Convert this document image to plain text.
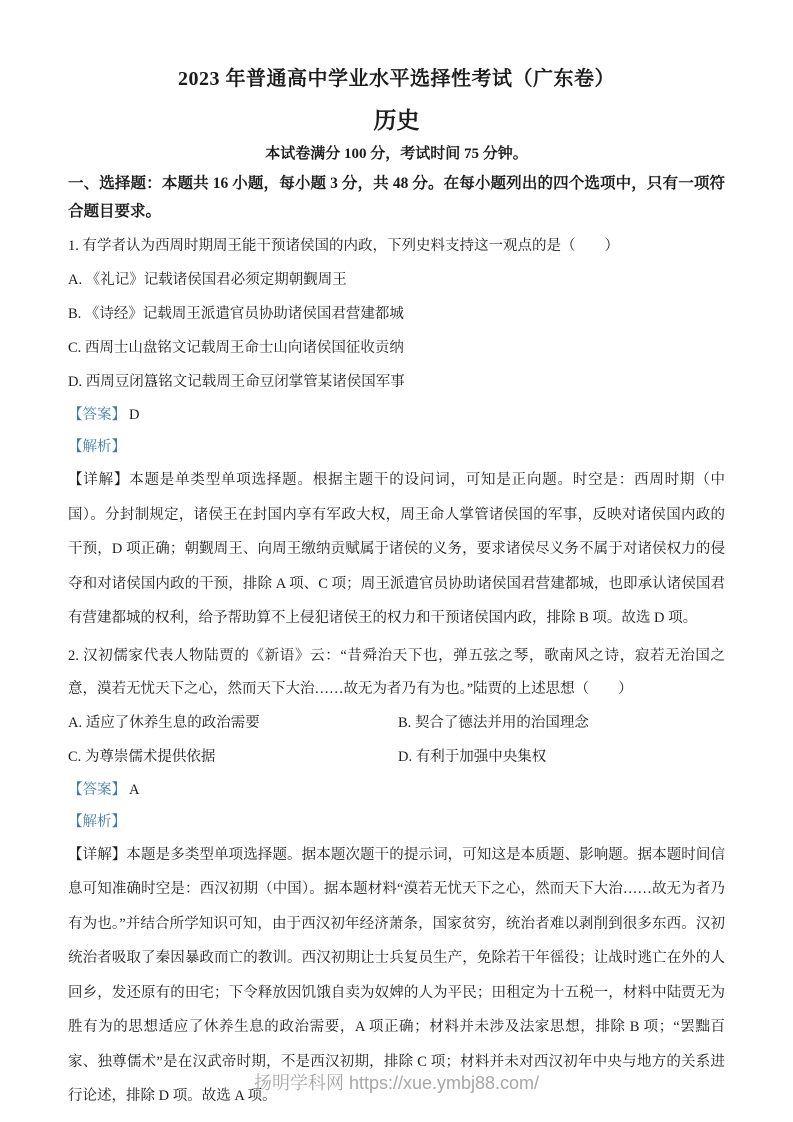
2023 年普通高中学业水平选择性考试（广东卷）
历史

本试卷满分 100 分，考试时间 75 分钟。

一、选择题：本题共 16 小题，每小题 3 分，共 48 分。在每小题列出的四个选项中，只有一项符合题目要求。

1. 有学者认为西周时期周王能干预诸侯国的内政，下列史料支持这一观点的是（　　）

A. 《礼记》记载诸侯国君必须定期朝觐周王

B. 《诗经》记载周王派遣官员协助诸侯国君营建都城

C. 西周士山盘铭文记载周王命士山向诸侯国征收贡纳

D. 西周豆闭簋铭文记载周王命豆闭掌管某诸侯国军事

【答案】 D

【解析】

【详解】本题是单类型单项选择题。根据主题干的设问词，可知是正向题。时空是：西周时期（中国）。分封制规定，诸侯王在封国内享有军政大权，周王命人掌管诸侯国的军事，反映对诸侯国内政的干预，D 项正确；朝觐周王、向周王缴纳贡赋属于诸侯的义务，要求诸侯尽义务不属于对诸侯权力的侵夺和对诸侯国内政的干预，排除 A 项、C 项；周王派遣官员协助诸侯国君营建都城，也即承认诸侯国君有营建都城的权利，给予帮助算不上侵犯诸侯王的权力和干预诸侯国内政，排除 B 项。故选 D 项。

2. 汉初儒家代表人物陆贾的《新语》云：“昔舜治天下也，弹五弦之琴，歌南风之诗，寂若无治国之意，漠若无忧天下之心，然而天下大治……故无为者乃有为也。”陆贾的上述思想（　　）

A. 适应了休养生息的政治需要	B. 契合了德法并用的治国理念

C. 为尊崇儒术提供依据	D. 有利于加强中央集权

【答案】 A

【解析】

【详解】本题是多类型单项选择题。据本题次题干的提示词，可知这是本质题、影响题。据本题时间信息可知准确时空是：西汉初期（中国）。据本题材料“漠若无忧天下之心，然而天下大治……故无为者乃有为也。”并结合所学知识可知，由于西汉初年经济萧条，国家贫穷，统治者难以剥削到很多东西。汉初统治者吸取了秦因暴政而亡的教训。西汉初期让士兵复员生产，免除若干年徭役；让战时逃亡在外的人回乡，发还原有的田宅；下令释放因饥饿自卖为奴婢的人为平民；田租定为十五税一，材料中陆贾无为胜有为的思想适应了休养生息的政治需要，A 项正确；材料并未涉及法家思想，排除 B 项；“罢黜百家、独尊儒术”是在汉武帝时期，不是西汉初期，排除 C 项；材料并未对西汉初年中央与地方的关系进行论述，排除 D 项。故选 A 项。

扬明学科网 https://xue.ymbj88.com/
